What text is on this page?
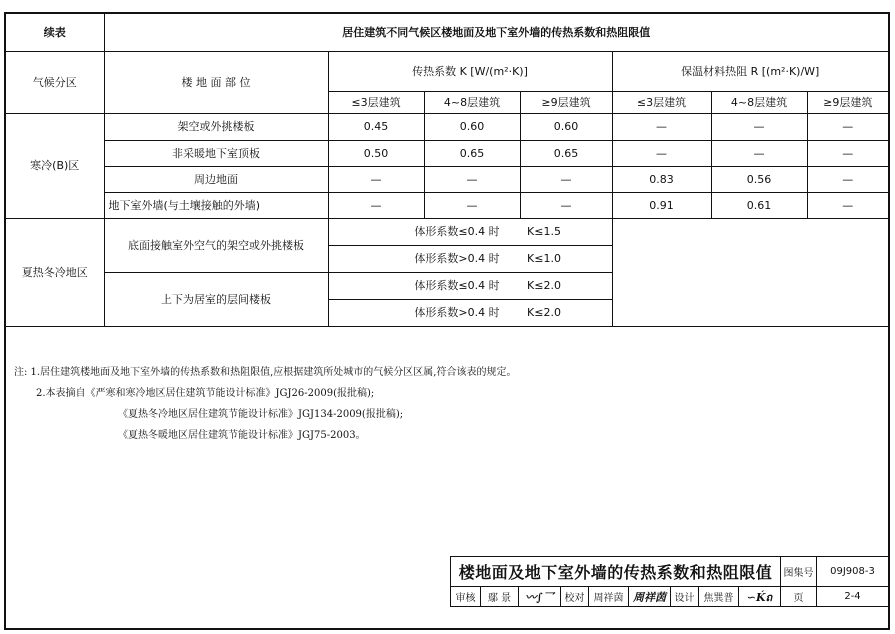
续表	居住建筑不同气候区楼地面及地下室外墙的传热系数和热阻限值						
气候分区	楼 地 面 部 位	传热系数 K [W/(m²·K)]			保温材料热阻 R [(m²·K)/W]		
		≤3层建筑	4~8层建筑	≥9层建筑	≤3层建筑	4~8层建筑	≥9层建筑
寒冷(B)区	架空或外挑楼板	0.45	0.60	0.60	—	—	—
	非采暖地下室顶板	0.50	0.65	0.65	—	—	—
	周边地面	—	—	—	0.83	0.56	—
	地下室外墙(与土壤接触的外墙)	—	—	—	0.91	0.61	—
夏热冬冷地区	底面接触室外空气的架空或外挑楼板	体形系数≤0.4 时 K≤1.5					
		体形系数>0.4 时 K≤1.0					
	上下为居室的层间楼板	体形系数≤0.4 时 K≤2.0					
		体形系数>0.4 时 K≤2.0					
注: 1.居住建筑楼地面及地下室外墙的传热系数和热阻限值,应根据建筑所处城市的气候分区区属,符合该表的规定。
2.本表摘自《严寒和寒冷地区居住建筑节能设计标准》JGJ26-2009(报批稿);
《夏热冬冷地区居住建筑节能设计标准》JGJ134-2009(报批稿);
《夏热冬暖地区居住建筑节能设计标准》JGJ75-2003。
楼地面及地下室外墙的传热系数和热阻限值									图集号	09J908-3
审核	鄢 景	〰∫乛	校对	周祥茵	周祥茵	设计	焦巽普	∽Ḱถ	页	2-4
